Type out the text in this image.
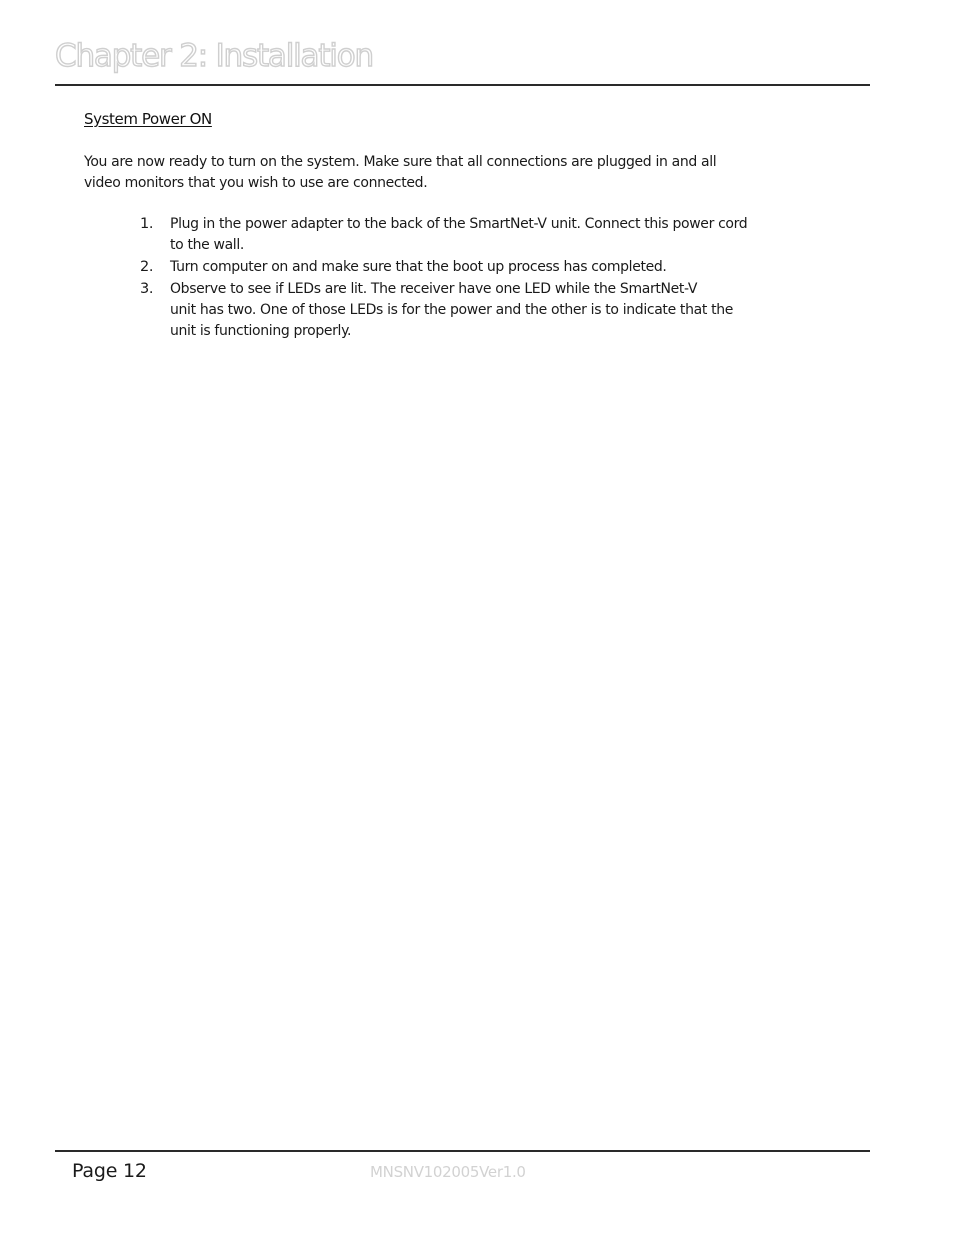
Chapter 2: Installation
System Power ON

You are now ready to turn on the system. Make sure that all connections are plugged in and all
video monitors that you wish to use are connected.

1. Plug in the power adapter to the back of the SmartNet-V unit. Connect this power cord
to the wall.
2. Turn computer on and make sure that the boot up process has completed.
3. Observe to see if LEDs are lit. The receiver have one LED while the SmartNet-V
unit has two. One of those LEDs is for the power and the other is to indicate that the
unit is functioning properly.
Page 12	MNSNV102005Ver1.0
